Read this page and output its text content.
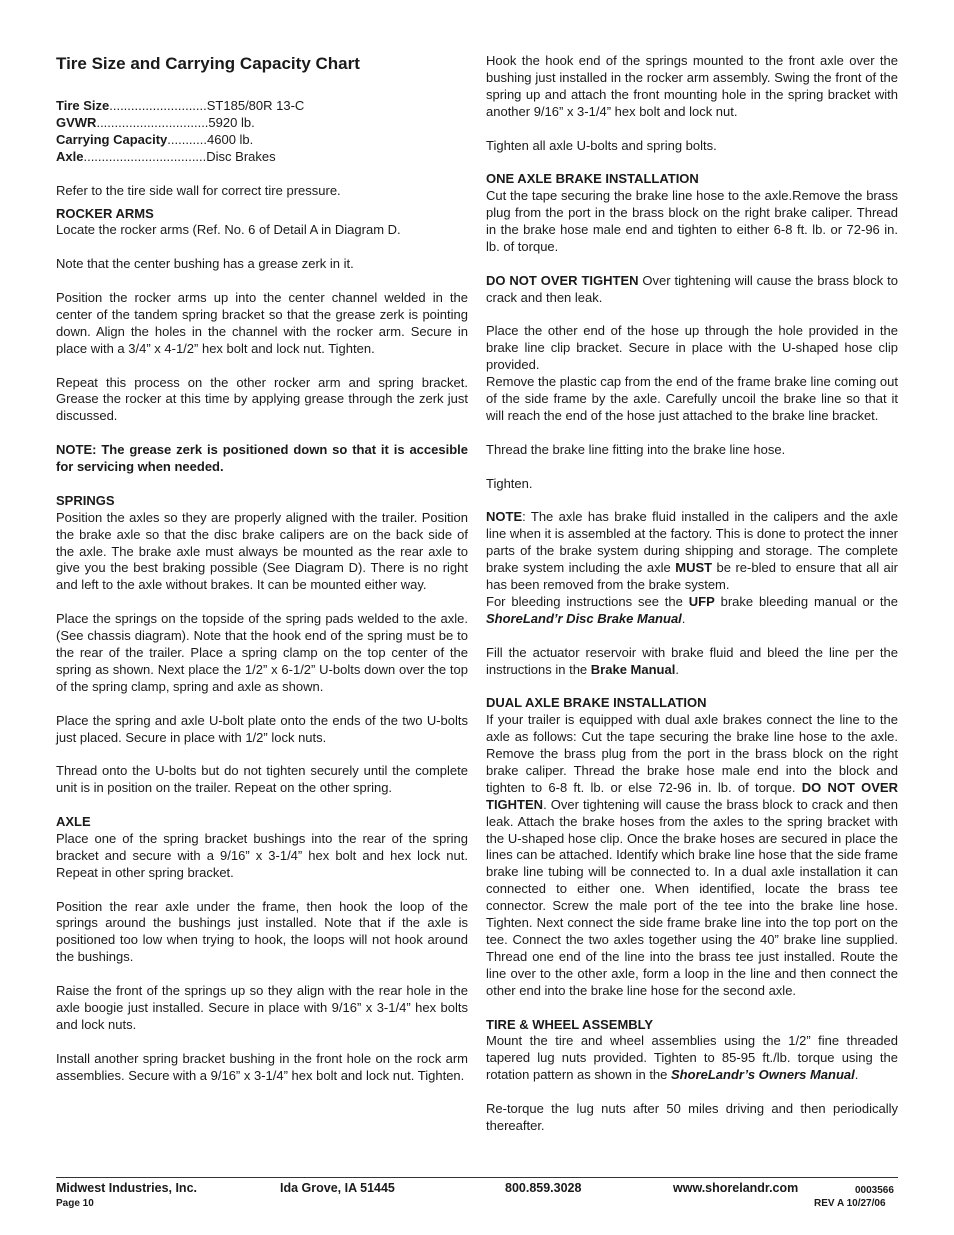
Tire Size and Carrying Capacity Chart
Tire Size...........................ST185/80R 13-C
GVWR...............................5920 lb.
Carrying Capacity...........4600 lb.
Axle..................................Disc Brakes

Refer to the tire side wall for correct tire pressure.

ROCKER ARMS

Locate the rocker arms (Ref. No. 6 of Detail A in Diagram D.

Note that the center bushing has a grease zerk in it.

Position the rocker arms up into the center channel welded in the center of the tandem spring bracket so that the grease zerk is pointing down. Align the holes in the channel with the rocker arm. Secure in place with a 3/4” x 4-1/2” hex bolt and lock nut. Tighten.

Repeat this process on the other rocker arm and spring bracket. Grease the rocker at this time by applying grease through the zerk just discussed.

NOTE: The grease zerk is positioned down so that it is accesible for servicing when needed.

SPRINGS

Position the axles so they are properly aligned with the trailer. Position the brake axle so that the disc brake calipers are on the back side of the axle. The brake axle must always be mounted as the rear axle to give you the best braking possible (See Diagram D). There is no right and left to the axle without brakes. It can be mounted either way.

Place the springs on the topside of the spring pads welded to the axle. (See chassis diagram). Note that the hook end of the spring must be to the rear of the trailer. Place a spring clamp on the top center of the spring as shown. Next place the 1/2” x 6-1/2” U-bolts down over the top of the spring clamp, spring and axle as shown.

Place the spring and axle U-bolt plate onto the ends of the two U-bolts just placed. Secure in place with 1/2” lock nuts.

Thread onto the U-bolts but do not tighten securely until the complete unit is in position on the trailer. Repeat on the other spring.

AXLE

Place one of the spring bracket bushings into the rear of the spring bracket and secure with a 9/16” x 3-1/4” hex bolt and hex lock nut. Repeat in other spring bracket.

Position the rear axle under the frame, then hook the loop of the springs around the bushings just installed. Note that if the axle is positioned too low when trying to hook, the loops will not hook around the bushings.

Raise the front of the springs up so they align with the rear hole in the axle boogie just installed. Secure in place with 9/16” x 3-1/4” hex bolts and lock nuts.

Install another spring bracket bushing in the front hole on the rock arm assemblies. Secure with a 9/16” x 3-1/4” hex bolt and lock nut. Tighten.

Hook the hook end of the springs mounted to the front axle over the bushing just installed in the rocker arm assembly. Swing the front of the spring up and attach the front mounting hole in the spring bracket with another 9/16” x 3-1/4” hex bolt and lock nut.

Tighten all axle U-bolts and spring bolts.

ONE AXLE BRAKE INSTALLATION

Cut the tape securing the brake line hose to the axle.Remove the brass plug from the port in the brass block on the right brake caliper. Thread in the brake hose male end and tighten to either 6-8 ft. lb. or 72-96 in. lb. of torque.

DO NOT OVER TIGHTEN Over tightening will cause the brass block to crack and then leak.

Place the other end of the hose up through the hole provided in the brake line clip bracket. Secure in place with the U-shaped hose clip provided.

Remove the plastic cap from the end of the frame brake line coming out of the side frame by the axle. Carefully uncoil the brake line so that it will reach the end of the hose just attached to the brake line bracket.

Thread the brake line fitting into the brake line hose.

Tighten.

NOTE: The axle has brake fluid installed in the calipers and the axle line when it is assembled at the factory. This is done to protect the inner parts of the brake system during shipping and storage. The complete brake system including the axle MUST be re-bled to ensure that all air has been removed from the brake system.

For bleeding instructions see the UFP brake bleeding manual or the ShoreLand’r Disc Brake Manual.

Fill the actuator reservoir with brake fluid and bleed the line per the instructions in the Brake Manual.

DUAL AXLE BRAKE INSTALLATION

If your trailer is equipped with dual axle brakes connect the line to the axle as follows: Cut the tape securing the brake line hose to the axle. Remove the brass plug from the port in the brass block on the right brake caliper. Thread the brake hose male end into the block and tighten to 6-8 ft. lb. or else 72-96 in. lb. of torque. DO NOT OVER TIGHTEN. Over tightening will cause the brass block to crack and then leak. Attach the brake hoses from the axles to the spring bracket with the U-shaped hose clip. Once the brake hoses are secured in place the lines can be attached. Identify which brake line hose that the side frame brake line tubing will be connected to. In a dual axle installation it can connected to either one. When identified, locate the brass tee connector. Screw the male port of the tee into the brake line hose. Tighten. Next connect the side frame brake line into the top port on the tee. Connect the two axles together using the 40” brake line supplied. Thread one end of the line into the brass tee just installed. Route the line over to the other axle, form a loop in the line and then connect the other end into the brake line hose for the second axle.

TIRE & WHEEL ASSEMBLY

Mount the tire and wheel assemblies using the 1/2” fine threaded tapered lug nuts provided. Tighten to 85-95 ft./lb. torque using the rotation pattern as shown in the ShoreLandr’s Owners Manual.

Re-torque the lug nuts after 50 miles driving and then periodically thereafter.

Midwest Industries, Inc.
Page 10
Ida Grove, IA 51445	800.859.3028	www.shorelandr.com	0003566
REV A 10/27/06
